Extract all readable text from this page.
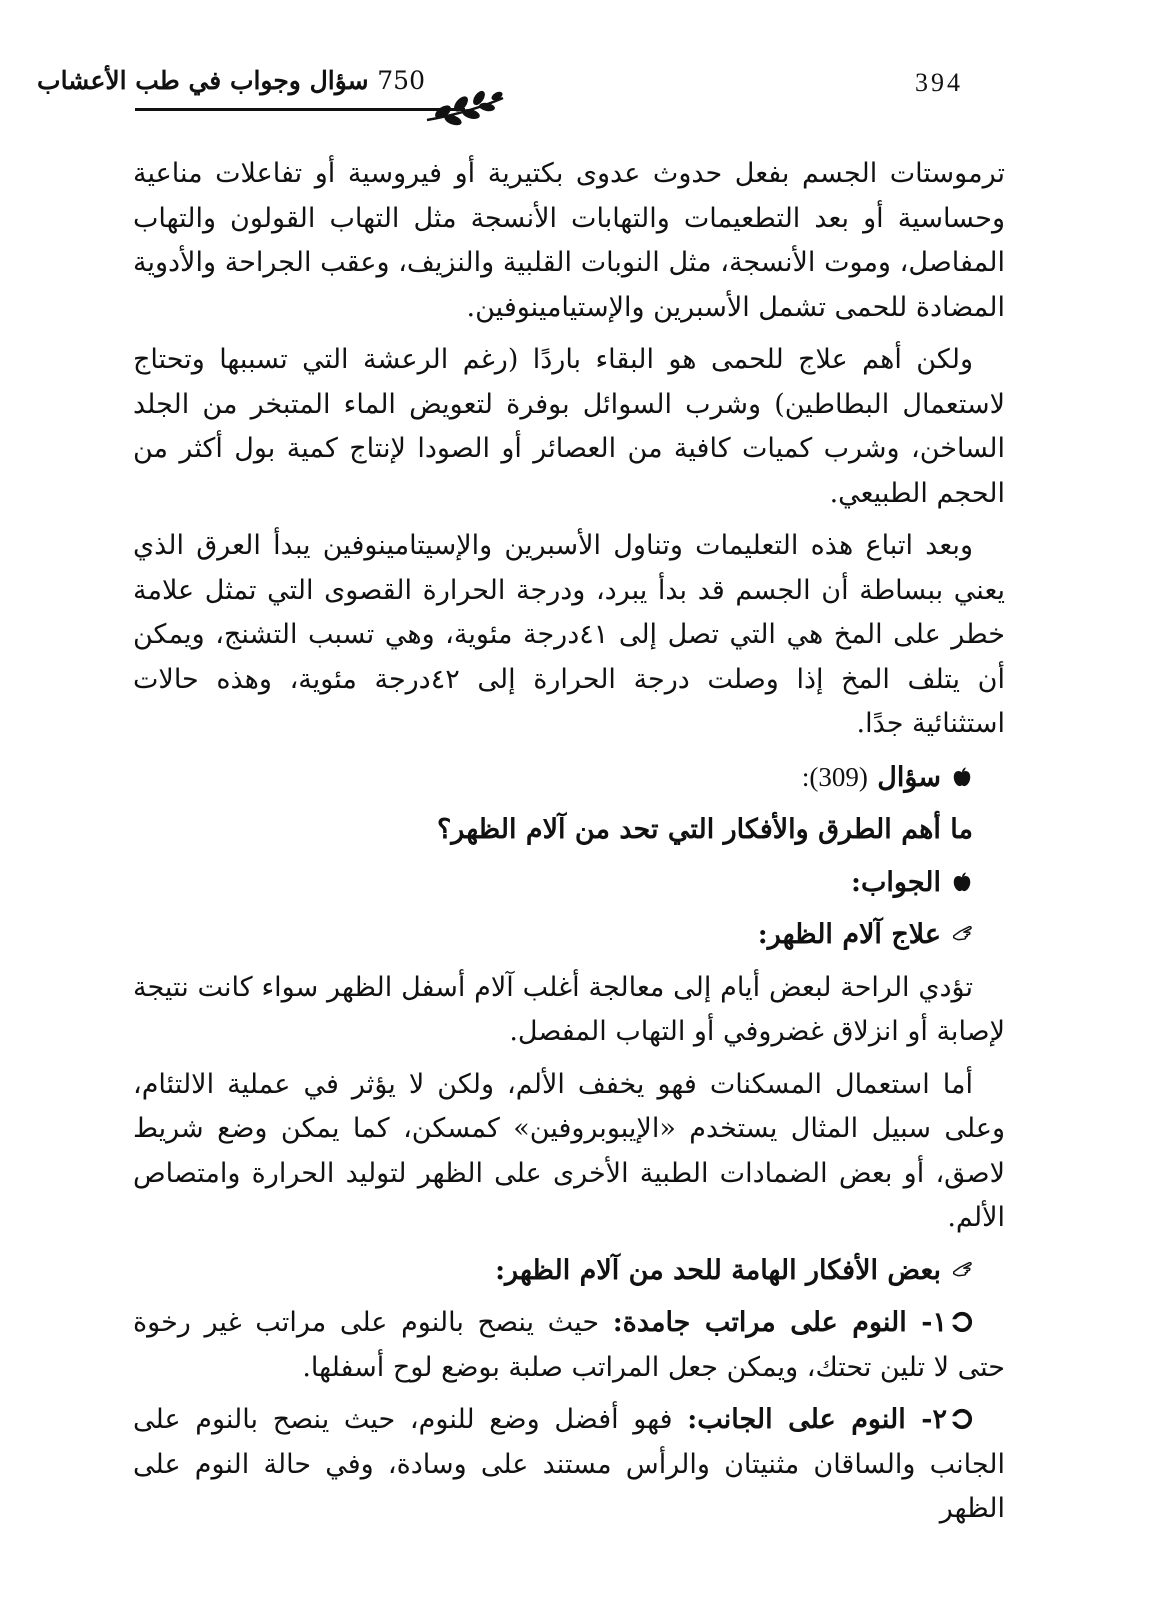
394
750 سؤال وجواب في طب الأعشاب

ترموستات الجسم بفعل حدوث عدوى بكتيرية أو فيروسية أو تفاعلات مناعية وحساسية أو بعد التطعيمات والتهابات الأنسجة مثل التهاب القولون والتهاب المفاصل، وموت الأنسجة، مثل النوبات القلبية والنزيف، وعقب الجراحة والأدوية المضادة للحمى تشمل الأسبرين والإستيامينوفين.

ولكن أهم علاج للحمى هو البقاء باردًا (رغم الرعشة التي تسببها وتحتاج لاستعمال البطاطين) وشرب السوائل بوفرة لتعويض الماء المتبخر من الجلد الساخن، وشرب كميات كافية من العصائر أو الصودا لإنتاج كمية بول أكثر من الحجم الطبيعي.

وبعد اتباع هذه التعليمات وتناول الأسبرين والإسيتامينوفين يبدأ العرق الذي يعني ببساطة أن الجسم قد بدأ يبرد، ودرجة الحرارة القصوى التي تمثل علامة خطر على المخ هي التي تصل إلى ٤١درجة مئوية، وهي تسبب التشنج، ويمكن أن يتلف المخ إذا وصلت درجة الحرارة إلى ٤٢درجة مئوية، وهذه حالات استثنائية جدًا.

سؤال (309):
ما أهم الطرق والأفكار التي تحد من آلام الظهر؟
الجواب:
علاج آلام الظهر:

تؤدي الراحة لبعض أيام إلى معالجة أغلب آلام أسفل الظهر سواء كانت نتيجة لإصابة أو انزلاق غضروفي أو التهاب المفصل.

أما استعمال المسكنات فهو يخفف الألم، ولكن لا يؤثر في عملية الالتئام، وعلى سبيل المثال يستخدم «الإيبوبروفين» كمسكن، كما يمكن وضع شريط لاصق، أو بعض الضمادات الطبية الأخرى على الظهر لتوليد الحرارة وامتصاص الألم.

بعض الأفكار الهامة للحد من آلام الظهر:

١- النوم على مراتب جامدة: حيث ينصح بالنوم على مراتب غير رخوة حتى لا تلين تحتك، ويمكن جعل المراتب صلبة بوضع لوح أسفلها.

٢- النوم على الجانب: فهو أفضل وضع للنوم، حيث ينصح بالنوم على الجانب والساقان مثنيتان والرأس مستند على وسادة، وفي حالة النوم على الظهر
